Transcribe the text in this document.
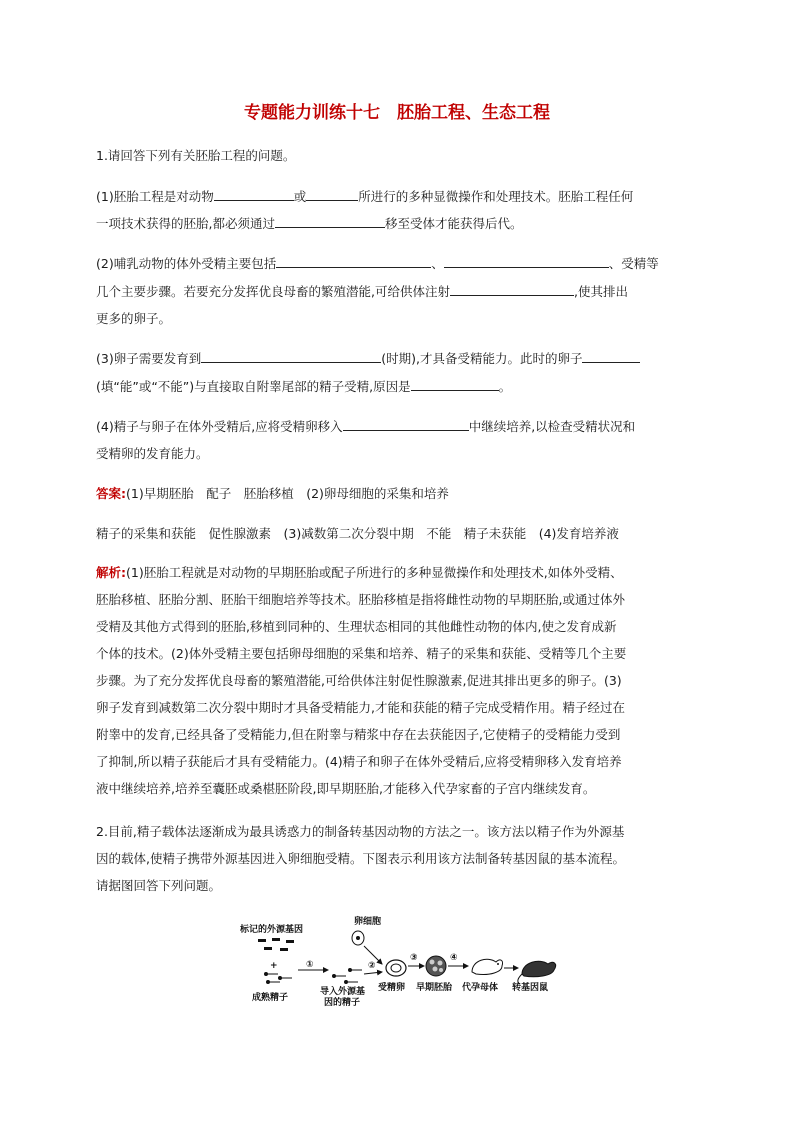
专题能力训练十七　胚胎工程、生态工程
1.请回答下列有关胚胎工程的问题。
(1)胚胎工程是对动物	或	所进行的多种显微操作和处理技术。胚胎工程任何
一项技术获得的胚胎,都必须通过	移至受体才能获得后代。
(2)哺乳动物的体外受精主要包括	、	、受精等
几个主要步骤。若要充分发挥优良母畜的繁殖潜能,可给供体注射	,使其排出
更多的卵子。
(3)卵子需要发育到	(时期),才具备受精能力。此时的卵子
(填“能”或“不能”)与直接取自附睾尾部的精子受精,原因是	。
(4)精子与卵子在体外受精后,应将受精卵移入	中继续培养,以检查受精状况和
受精卵的发育能力。
答案:(1)早期胚胎　配子　胚胎移植　(2)卵母细胞的采集和培养
精子的采集和获能　促性腺激素　(3)减数第二次分裂中期　不能　精子未获能　(4)发育培养液
解析:(1)胚胎工程就是对动物的早期胚胎或配子所进行的多种显微操作和处理技术,如体外受精、
胚胎移植、胚胎分割、胚胎干细胞培养等技术。胚胎移植是指将雌性动物的早期胚胎,或通过体外
受精及其他方式得到的胚胎,移植到同种的、生理状态相同的其他雌性动物的体内,使之发育成新
个体的技术。(2)体外受精主要包括卵母细胞的采集和培养、精子的采集和获能、受精等几个主要
步骤。为了充分发挥优良母畜的繁殖潜能,可给供体注射促性腺激素,促进其排出更多的卵子。(3)
卵子发育到减数第二次分裂中期时才具备受精能力,才能和获能的精子完成受精作用。精子经过在
附睾中的发育,已经具备了受精能力,但在附睾与精浆中存在去获能因子,它使精子的受精能力受到
了抑制,所以精子获能后才具有受精能力。(4)精子和卵子在体外受精后,应将受精卵移入发育培养
液中继续培养,培养至囊胚或桑椹胚阶段,即早期胚胎,才能移入代孕家畜的子宫内继续发育。
2.目前,精子载体法逐渐成为最具诱惑力的制备转基因动物的方法之一。该方法以精子作为外源基
因的载体,使精子携带外源基因进入卵细胞受精。下图表示利用该方法制备转基因鼠的基本流程。
请据图回答下列问题。
标记的外源基因
+
成熟精子
①
导入外源基
因的精子
卵细胞
②
受精卵
③
早期胚胎
④
代孕母体 转基因鼠
